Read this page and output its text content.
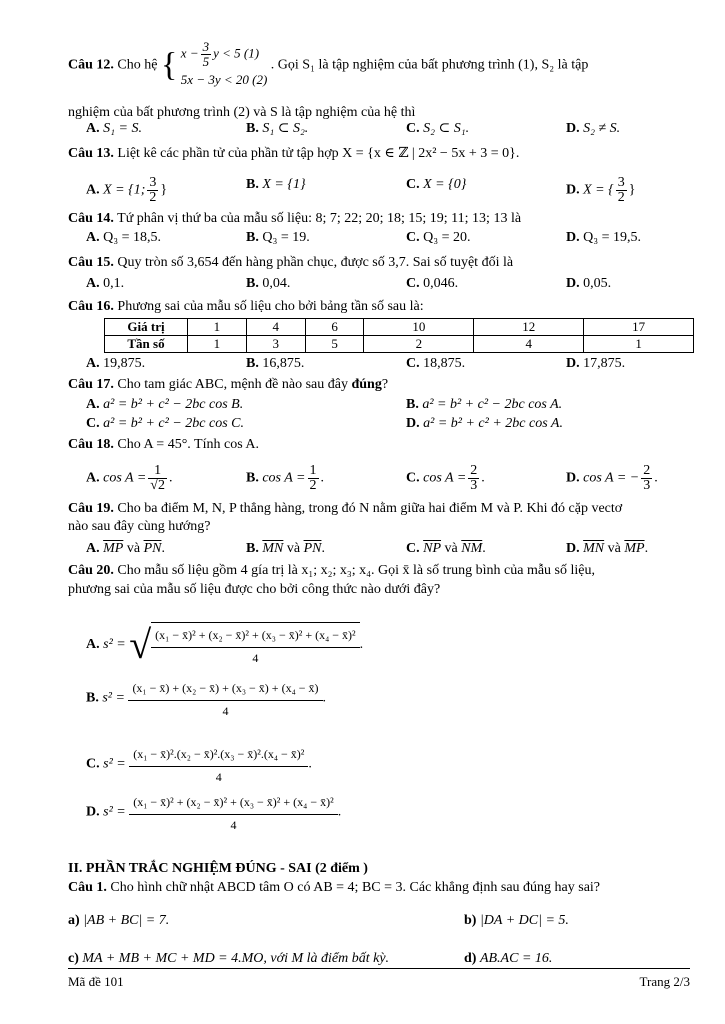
Câu 12. Cho hệ { $x - \frac{3}{5}$ y < 5 (1)
5x − 3y < 20 (2)
. Gọi S₁ là tập nghiệm của bất phương trình (1), S₂ là tập
nghiệm của bất phương trình (2) và S là tập nghiệm của hệ thì
A. S₁ = S.	B. S₁ ⊂ S₂.	C. S₂ ⊂ S₁.	D. S₂ ≠ S.
Câu 13. Liệt kê các phần tử của phần tử tập hợp X = {x ∈ ℤ | 2x² − 5x + 3 = 0}.
A. X = {1; $\frac{3}{2}$ }	B. X = {1}	C. X = {0}	D. X = { $\frac{3}{2}$ }
Câu 14. Tứ phân vị thứ ba của mẫu số liệu: 8; 7; 22; 20; 18; 15; 19; 11; 13; 13 là
A. Q₃ = 18,5.	B. Q₃ = 19.	C. Q₃ = 20.	D. Q₃ = 19,5.
Câu 15. Quy tròn số 3,654 đến hàng phần chục, được số 3,7. Sai số tuyệt đối là
A. 0,1.	B. 0,04.	C. 0,046.	D. 0,05.
Câu 16. Phương sai của mẫu số liệu cho bởi bảng tần số sau là:
Giá trị	1	4	6	10	12	17
Tần số	1	3	5	2	4	1
A. 19,875.	B. 16,875.	C. 18,875.	D. 17,875.
Câu 17. Cho tam giác ABC, mệnh đề nào sau đây đúng?
A. a² = b² + c² − 2bc cos B.	B. a² = b² + c² − 2bc cos A.
C. a² = b² + c² − 2bc cos C.	D. a² = b² + c² + 2bc cos A.
Câu 18. Cho A = 45°. Tính cos A.
A. $\cos A = \frac{1}{√2}$ .	B. $\cos A = \frac{1}{2}$ .	C. $\cos A = \frac{2}{3}$ .	D. cos A = − $\frac{2}{3}$ .
Câu 19. Cho ba điểm M, N, P thẳng hàng, trong đó N nằm giữa hai điểm M và P. Khi đó cặp vectơ
nào sau đây cùng hướng?
A. $\overline{MP}$ và $\overline{PN}$.	B. $\overline{MN}$ và $\overline{PN}$.	C. $\overline{NP}$ và $\overline{NM}$.	D. $\overline{MN}$ và $\overline{MP}$.
Câu 20. Cho mẫu số liệu gồm 4 gía trị là x₁; x₂; x₃; x₄. Gọi x̄ là số trung bình của mẫu số liệu,
phương sai của mẫu số liệu được cho bởi công thức nào dưới đây?
A. s² = √ $\frac{\text{(x₁ − x̄)² + (x₂ − x̄)² + (x₃ − x̄)² + (x₄ − x̄)²}}{4}$ .
B. $s^2 = \frac{\text{(x₁ − x̄) + (x₂ − x̄) + (x₃ − x̄) + (x₄ − x̄)}}{4}$ .
C. $s^2 = \frac{\text{(x₁ − x̄)².(x₂ − x̄)².(x₃ − x̄)².(x₄ − x̄)²}}{4}$ .
D. $s^2 = \frac{\text{(x₁ − x̄)² + (x₂ − x̄)² + (x₃ − x̄)² + (x₄ − x̄)²}}{4}$ .
II. PHẦN TRẮC NGHIỆM ĐÚNG - SAI (2 điểm )
Câu 1. Cho hình chữ nhật ABCD tâm O có AB = 4; BC = 3. Các khẳng định sau đúng hay sai?
a) |AB + BC| = 7.	b) |DA + DC| = 5.
c) MA + MB + MC + MD = 4.MO, với M là điểm bất kỳ.	d) AB.AC = 16.
Mã đề 101	Trang 2/3
